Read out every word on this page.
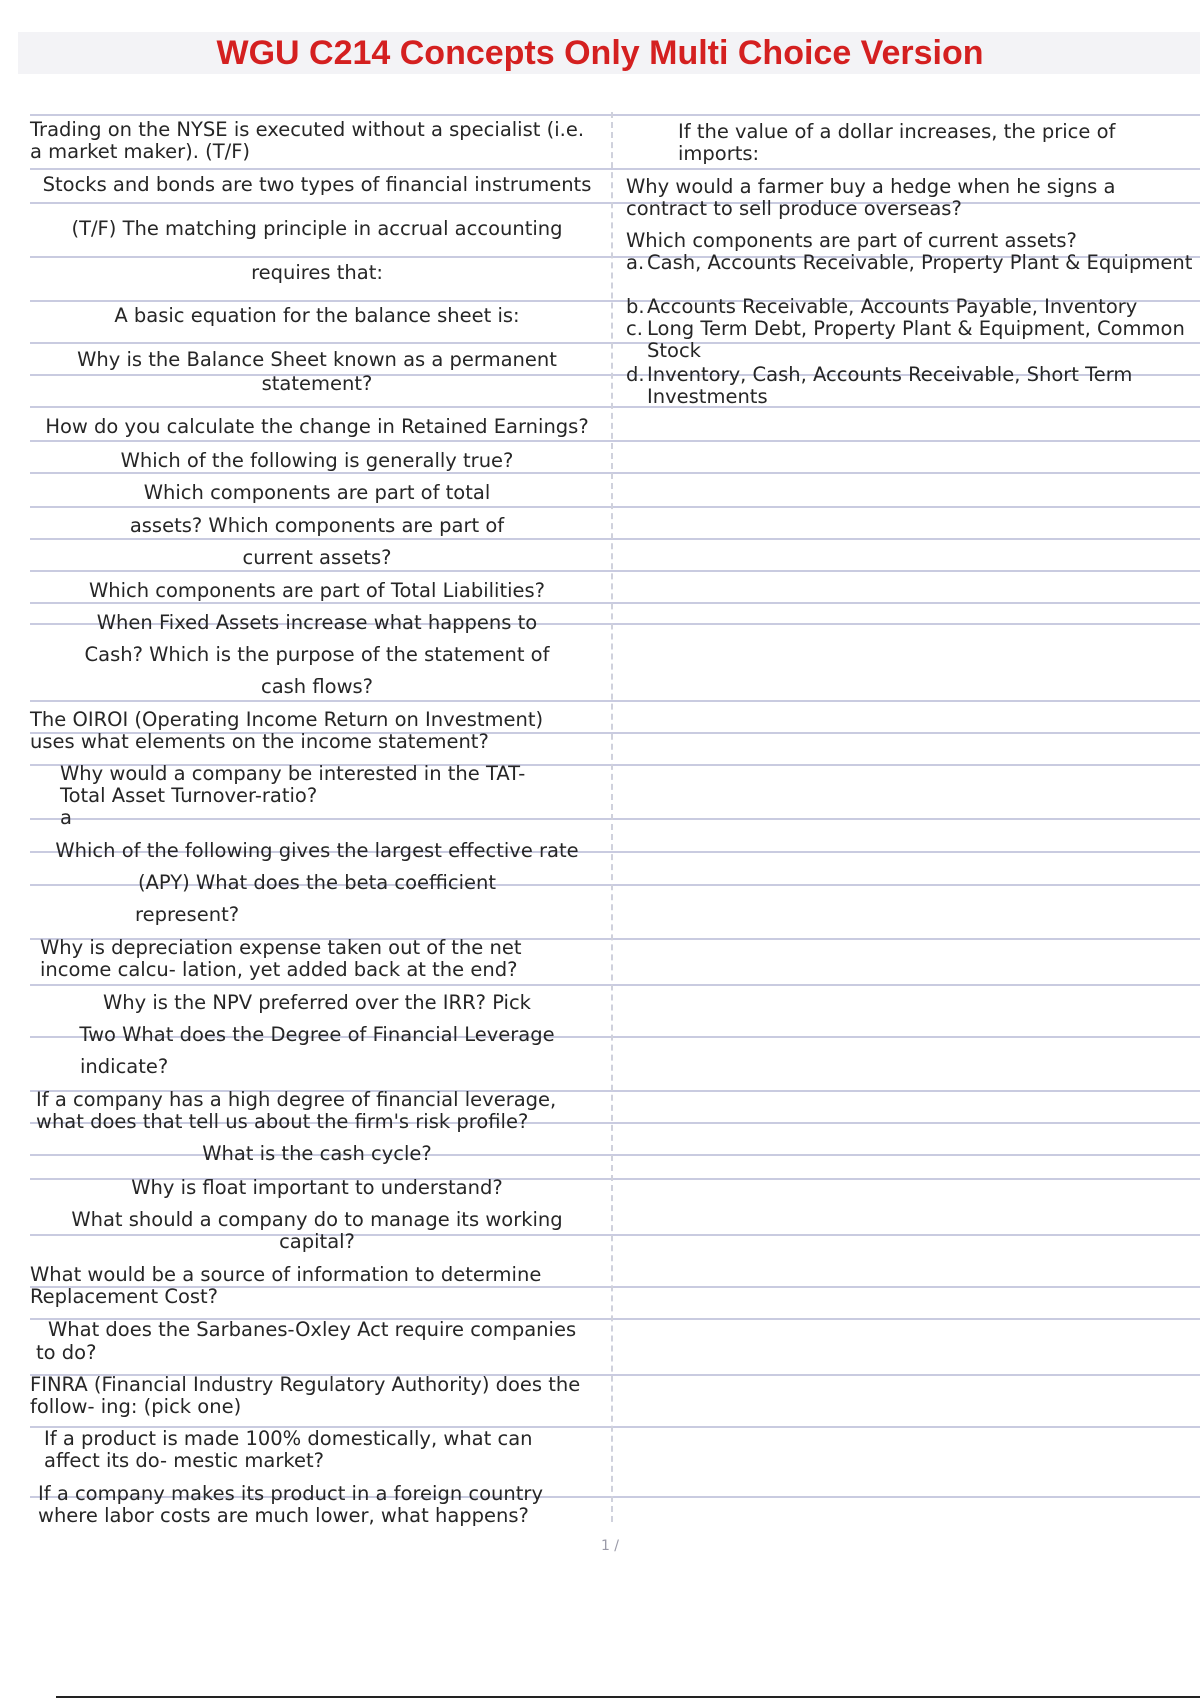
WGU C214 Concepts Only Multi Choice Version
Trading on the NYSE is executed without a specialist (i.e.
a market maker). (T/F)
Stocks and bonds are two types of financial instruments
(T/F) The matching principle in accrual accounting
requires that:
A basic equation for the balance sheet is:
Why is the Balance Sheet known as a permanent
statement?
How do you calculate the change in Retained Earnings?
Which of the following is generally true?
Which components are part of total
assets? Which components are part of
current assets?
Which components are part of Total Liabilities?
When Fixed Assets increase what happens to
Cash? Which is the purpose of the statement of
cash flows?
The OIROI (Operating Income Return on Investment)
uses what elements on the income statement?
Why would a company be interested in the TAT-
Total Asset Turnover-ratio?
a
Which of the following gives the largest effective rate
(APY) What does the beta coefficient
represent?
Why is depreciation expense taken out of the net
income calcu- lation, yet added back at the end?
Why is the NPV preferred over the IRR? Pick
Two What does the Degree of Financial Leverage
indicate?
If a company has a high degree of financial leverage,
what does that tell us about the firm's risk profile?
What is the cash cycle?
Why is float important to understand?
What should a company do to manage its working
capital?
What would be a source of information to determine
Replacement Cost?
What does the Sarbanes-Oxley Act require companies
to do?
FINRA (Financial Industry Regulatory Authority) does the
follow- ing: (pick one)
If a product is made 100% domestically, what can
affect its do- mestic market?
If a company makes its product in a foreign country
where labor costs are much lower, what happens?
If the value of a dollar increases, the price of
imports:
Why would a farmer buy a hedge when he signs a
contract to sell produce overseas?
Which components are part of current assets?
a. Cash, Accounts Receivable, Property Plant & Equipment
b. Accounts Receivable, Accounts Payable, Inventory
c. Long Term Debt, Property Plant & Equipment, Common Stock
d. Inventory, Cash, Accounts Receivable, Short Term Investments
1 /
